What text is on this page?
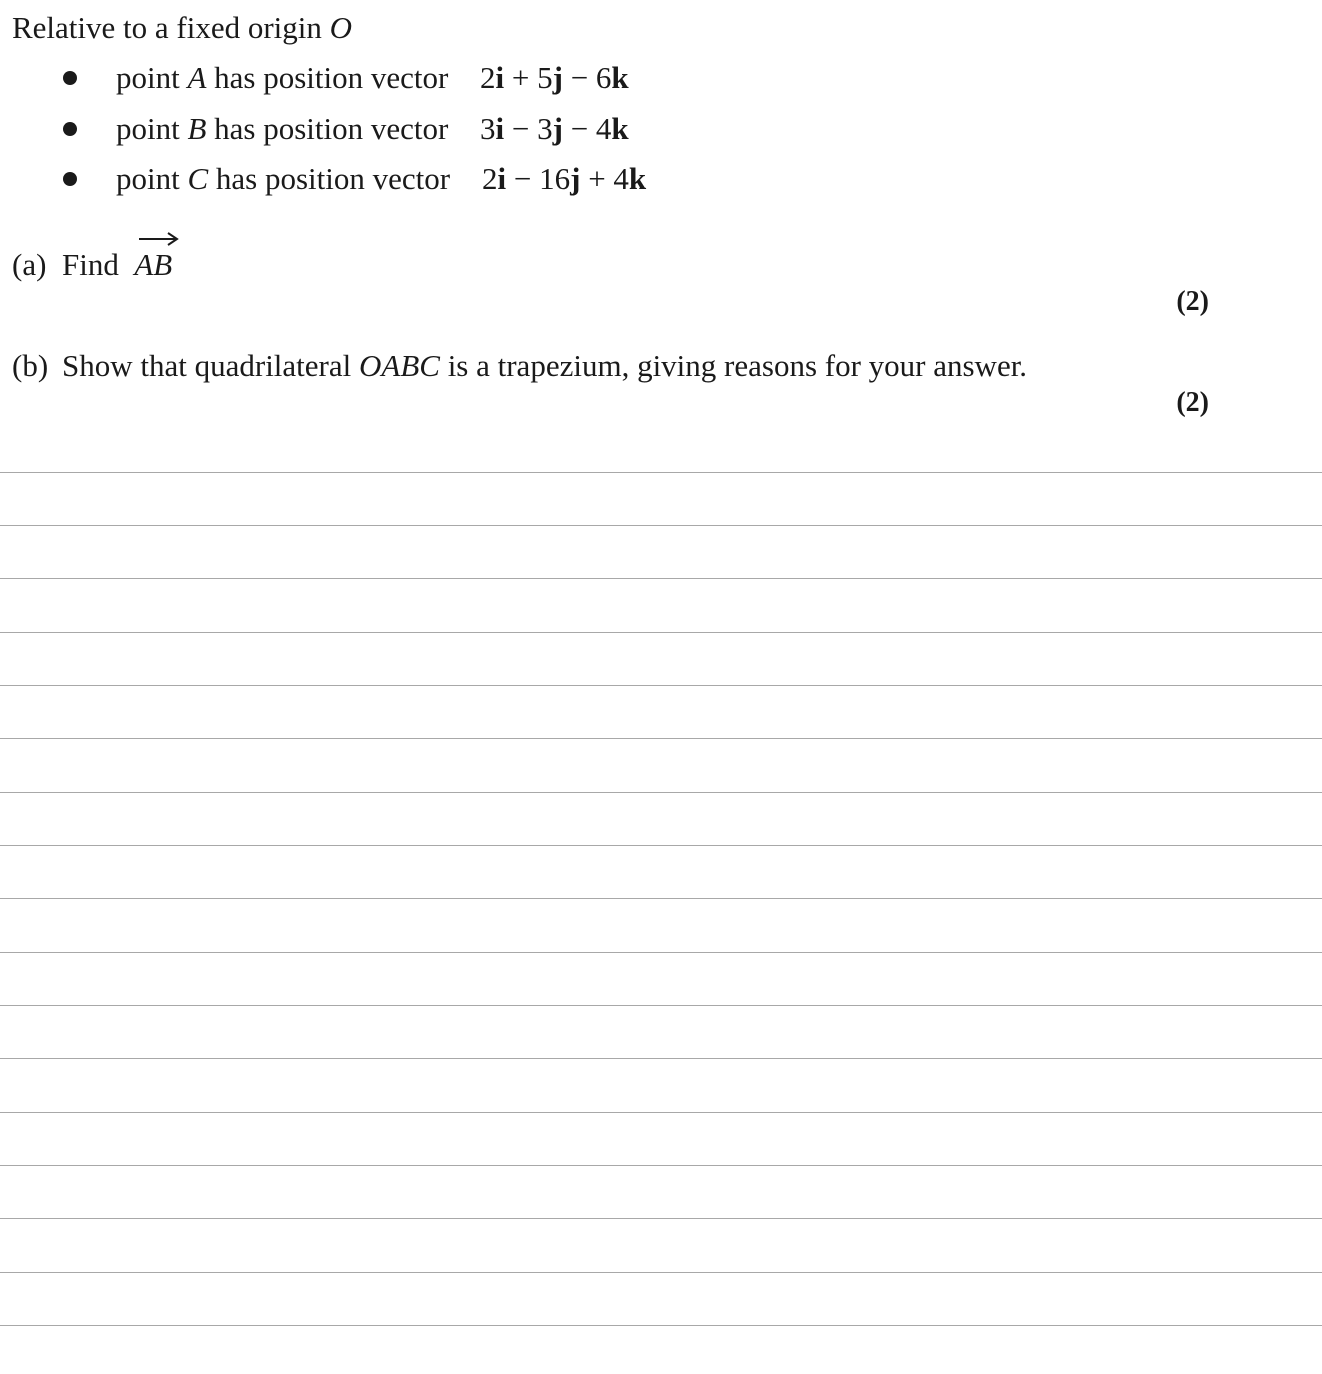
Relative to a fixed origin O
point A has position vector 2i + 5j − 6k
point B has position vector 3i − 3j − 4k
point C has position vector 2i − 16j + 4k
(a) Find AB
(2)
(b) Show that quadrilateral OABC is a trapezium, giving reasons for your answer.
(2)
